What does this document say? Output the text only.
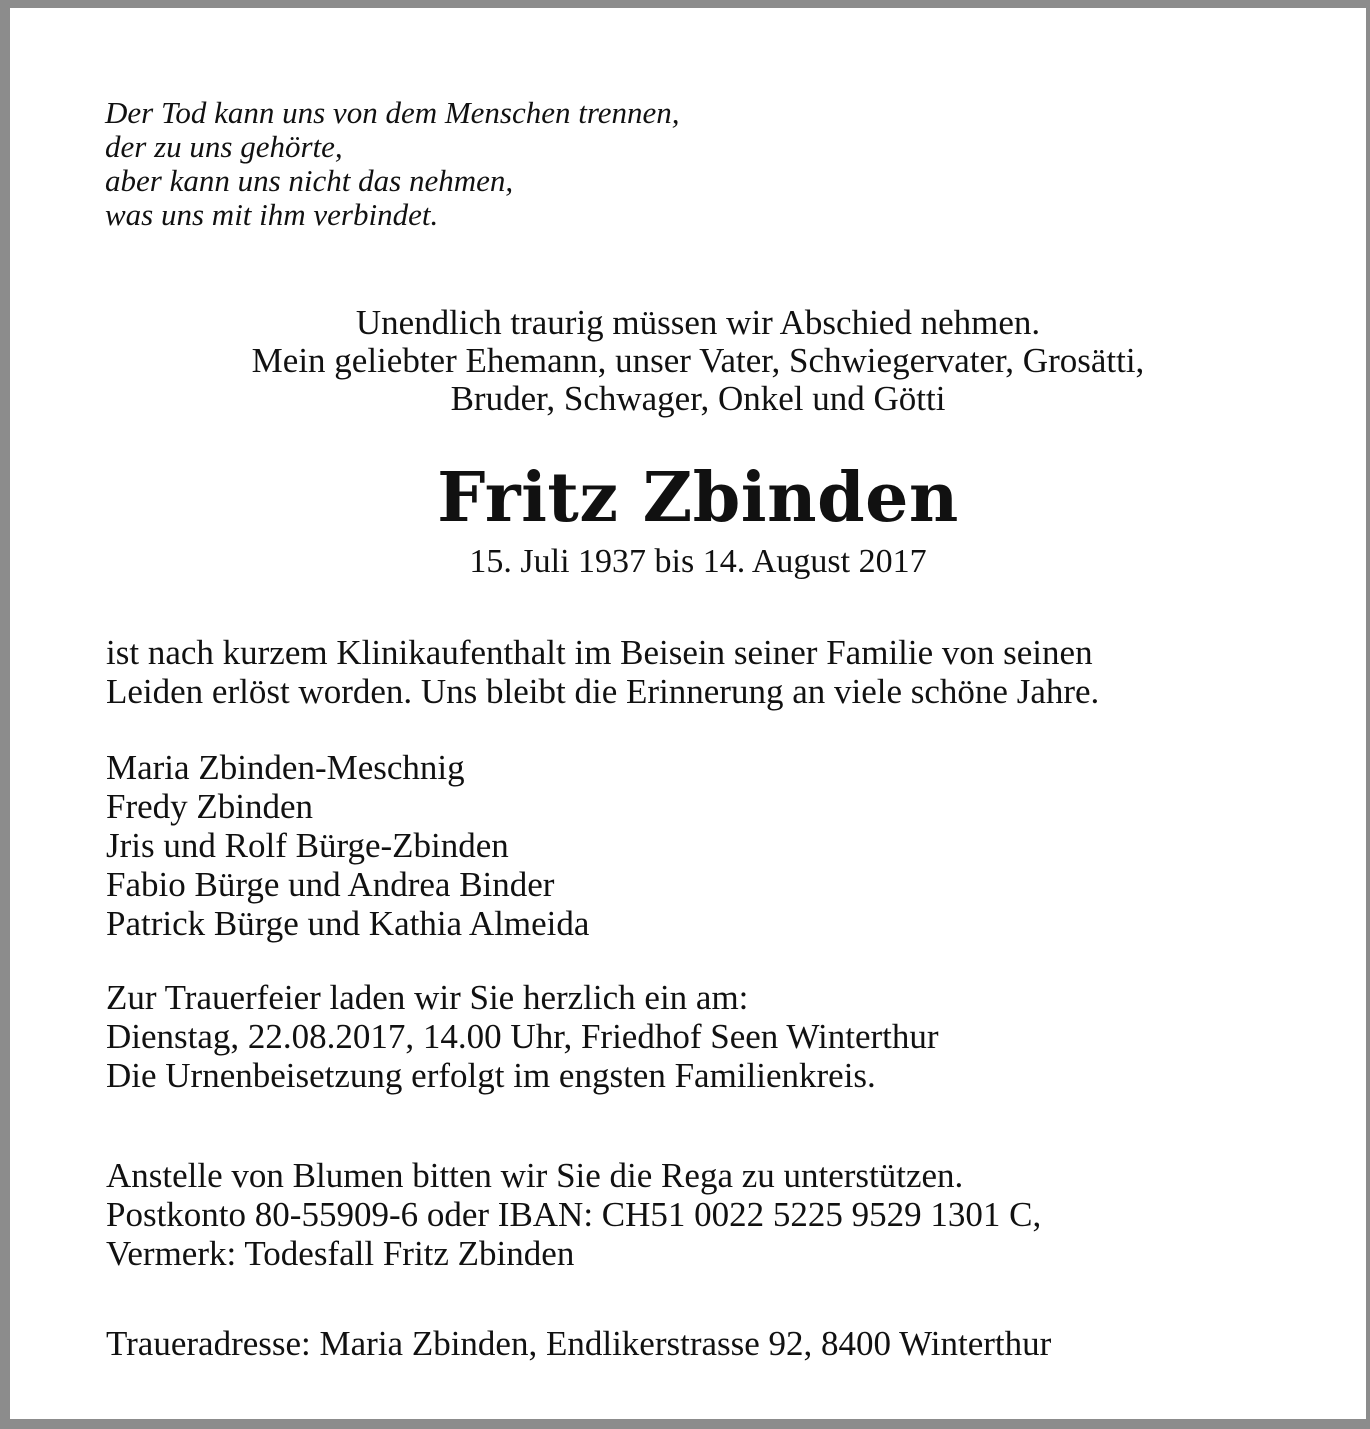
Der Tod kann uns von dem Menschen trennen,
der zu uns gehörte,
aber kann uns nicht das nehmen,
was uns mit ihm verbindet.
Unendlich traurig müssen wir Abschied nehmen.
Mein geliebter Ehemann, unser Vater, Schwiegervater, Grosätti,
Bruder, Schwager, Onkel und Götti
Fritz Zbinden
15. Juli 1937 bis 14. August 2017
ist nach kurzem Klinikaufenthalt im Beisein seiner Familie von seinen
Leiden erlöst worden. Uns bleibt die Erinnerung an viele schöne Jahre.
Maria Zbinden-Meschnig
Fredy Zbinden
Jris und Rolf Bürge-Zbinden
Fabio Bürge und Andrea Binder
Patrick Bürge und Kathia Almeida
Zur Trauerfeier laden wir Sie herzlich ein am:
Dienstag, 22.08.2017, 14.00 Uhr, Friedhof Seen Winterthur
Die Urnenbeisetzung erfolgt im engsten Familienkreis.
Anstelle von Blumen bitten wir Sie die Rega zu unterstützen.
Postkonto 80-55909-6 oder IBAN: CH51 0022 5225 9529 1301 C,
Vermerk: Todesfall Fritz Zbinden
Traueradresse: Maria Zbinden, Endlikerstrasse 92, 8400 Winterthur
